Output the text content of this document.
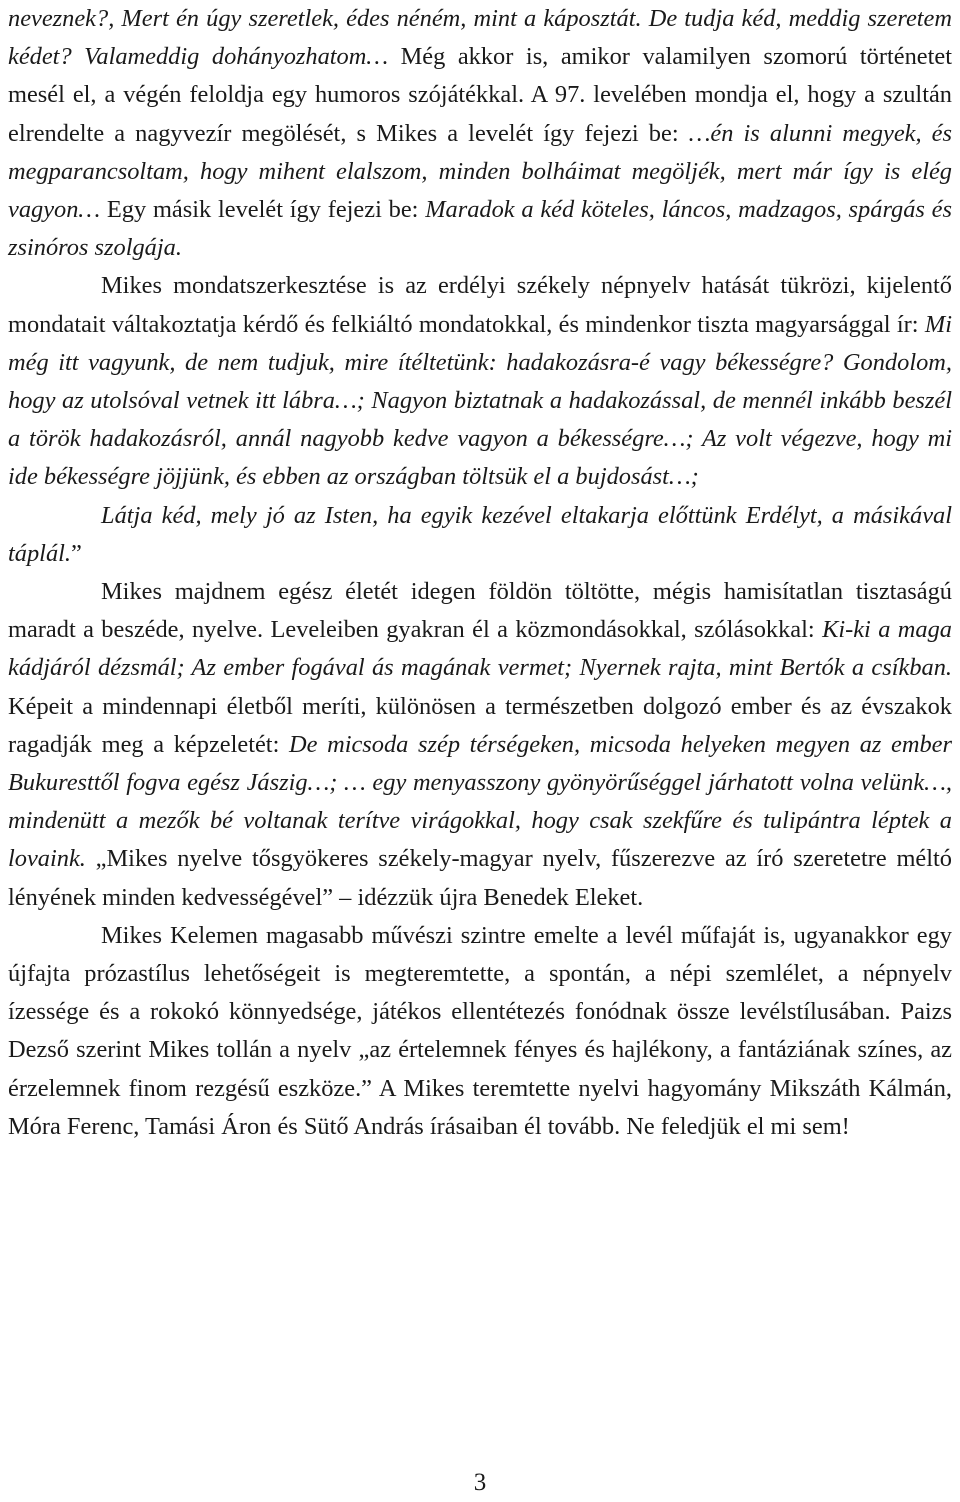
neveznek?, Mert én úgy szeretlek, édes néném, mint a káposztát. De tudja kéd, meddig szeretem kédet? Valameddig dohányozhatom… Még akkor is, amikor valamilyen szomorú történetet mesél el, a végén feloldja egy humoros szójátékkal. A 97. levelében mondja el, hogy a szultán elrendelte a nagyvezír megölését, s Mikes a levelét így fejezi be: …én is alunni megyek, és megparancsoltam, hogy mihent elalszom, minden bolháimat megöljék, mert már így is elég vagyon… Egy másik levelét így fejezi be: Maradok a kéd köteles, láncos, madzagos, spárgás és zsinóros szolgája.

Mikes mondatszerkesztése is az erdélyi székely népnyelv hatását tükrözi, kijelentő mondatait váltakoztatja kérdő és felkiáltó mondatokkal, és mindenkor tiszta magyarsággal ír: Mi még itt vagyunk, de nem tudjuk, mire ítéltetünk: hadakozásra-é vagy békességre? Gondolom, hogy az utolsóval vetnek itt lábra…; Nagyon biztatnak a hadakozással, de mennél inkább beszél a török hadakozásról, annál nagyobb kedve vagyon a békességre…; Az volt végezve, hogy mi ide békességre jöjjünk, és ebben az országban töltsük el a bujdosást…;

Látja kéd, mely jó az Isten, ha egyik kezével eltakarja előttünk Erdélyt, a másikával táplál.”

Mikes majdnem egész életét idegen földön töltötte, mégis hamisítatlan tisztaságú maradt a beszéde, nyelve. Leveleiben gyakran él a közmondásokkal, szólásokkal: Ki-ki a maga kádjáról dézsmál; Az ember fogával ás magának vermet; Nyernek rajta, mint Bertók a csíkban. Képeit a mindennapi életből meríti, különösen a természetben dolgozó ember és az évszakok ragadják meg a képzeletét: De micsoda szép térségeken, micsoda helyeken megyen az ember Bukuresttől fogva egész Jászig…; … egy menyasszony gyönyörűséggel járhatott volna velünk…, mindenütt a mezők bé voltanak terítve virágokkal, hogy csak szekfűre és tulipántra léptek a lovaink. „Mikes nyelve tősgyökeres székely-magyar nyelv, fűszerezve az író szeretetre méltó lényének minden kedvességével” – idézzük újra Benedek Eleket.

Mikes Kelemen magasabb művészi szintre emelte a levél műfaját is, ugyanakkor egy újfajta prózastílus lehetőségeit is megteremtette, a spontán, a népi szemlélet, a népnyelv ízessége és a rokokó könnyedsége, játékos ellentétezés fonódnak össze levélstílusában. Paizs Dezső szerint Mikes tollán a nyelv „az értelemnek fényes és hajlékony, a fantáziának színes, az érzelemnek finom rezgésű eszköze.” A Mikes teremtette nyelvi hagyomány Mikszáth Kálmán, Móra Ferenc, Tamási Áron és Sütő András írásaiban él tovább. Ne feledjük el mi sem!

3
